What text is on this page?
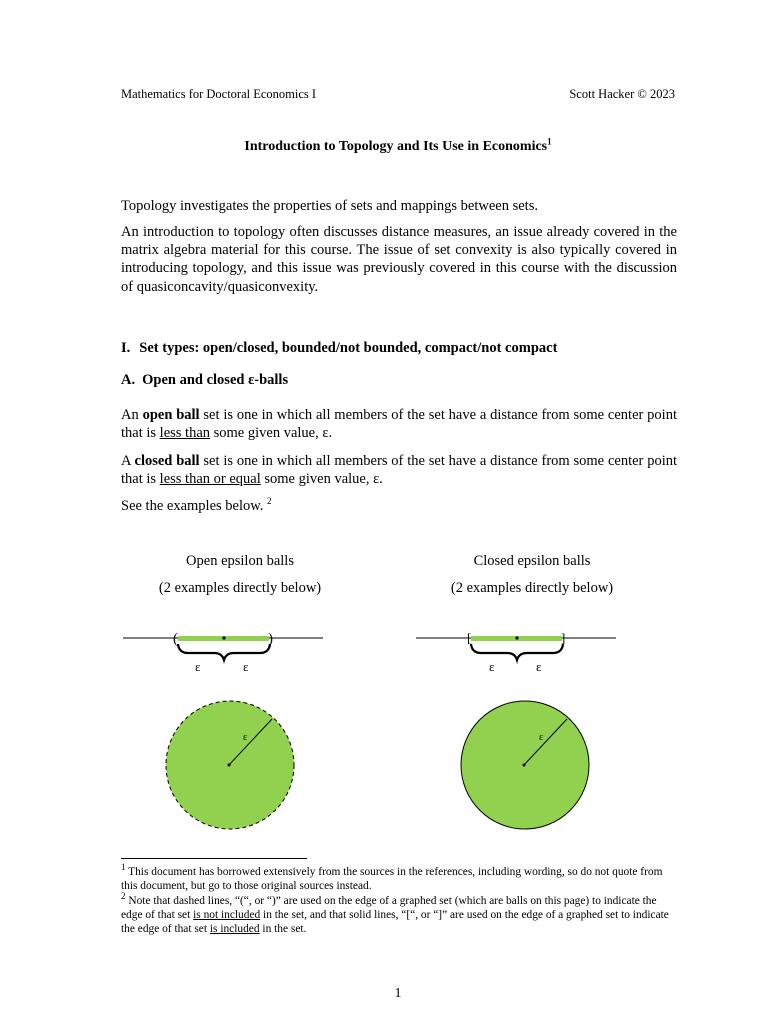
Mathematics for Doctoral Economics I	Scott Hacker © 2023
Introduction to Topology and Its Use in Economics$^1$
Topology investigates the properties of sets and mappings between sets.
An introduction to topology often discusses distance measures, an issue already covered in the matrix algebra material for this course. The issue of set convexity is also typically covered in introducing topology, and this issue was previously covered in this course with the discussion of quasiconcavity/quasiconvexity.
I. Set types: open/closed, bounded/not bounded, compact/not compact
A. Open and closed ε-balls
An open ball set is one in which all members of the set have a distance from some center point that is less than some given value, ε.
A closed ball set is one in which all members of the set have a distance from some center point that is less than or equal some given value, ε.
See the examples below. $^2$
Open epsilon balls
(2 examples directly below)
Closed epsilon balls
(2 examples directly below)
(	)
ε	ε
[	]
ε	ε
ε	ε
$^1$ This document has borrowed extensively from the sources in the references, including wording, so do not quote from this document, but go to those original sources instead.
$^2$ Note that dashed lines, “(“, or “)” are used on the edge of a graphed set (which are balls on this page) to indicate the edge of that set is not included in the set, and that solid lines, “[“, or “]” are used on the edge of a graphed set to indicate the edge of that set is included in the set.
1
